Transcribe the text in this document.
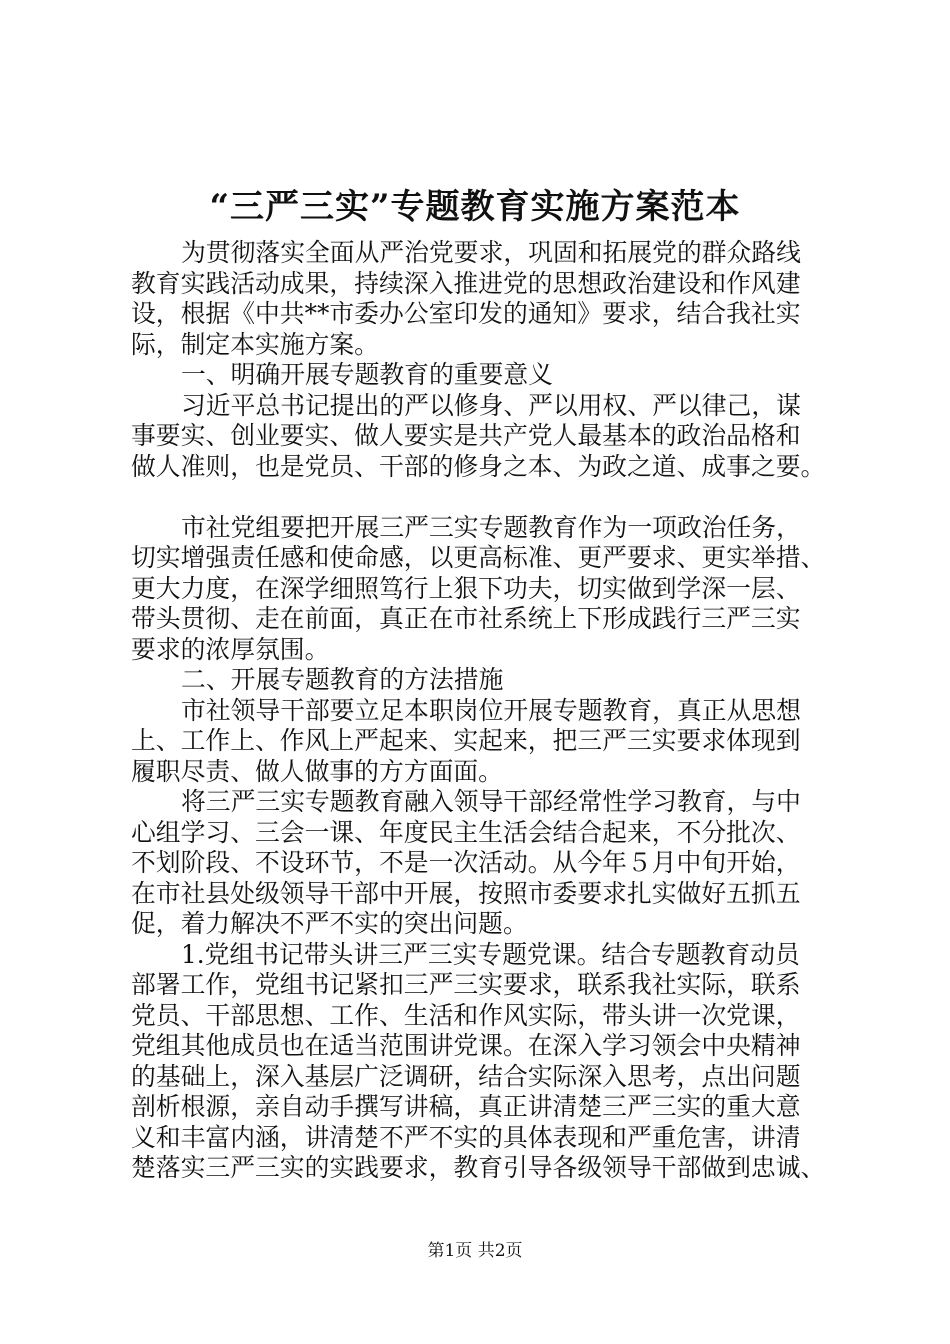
“三严三实”专题教育实施方案范本

为贯彻落实全面从严治党要求，巩固和拓展党的群众路线

教育实践活动成果，持续深入推进党的思想政治建设和作风建

设，根据《中共**市委办公室印发的通知》要求，结合我社实

际，制定本实施方案。

一、明确开展专题教育的重要意义

习近平总书记提出的严以修身、严以用权、严以律己，谋

事要实、创业要实、做人要实是共产党人最基本的政治品格和

做人准则，也是党员、干部的修身之本、为政之道、成事之要。

市社党组要把开展三严三实专题教育作为一项政治任务，

切实增强责任感和使命感，以更高标准、更严要求、更实举措、

更大力度，在深学细照笃行上狠下功夫，切实做到学深一层、

带头贯彻、走在前面，真正在市社系统上下形成践行三严三实

要求的浓厚氛围。

二、开展专题教育的方法措施

市社领导干部要立足本职岗位开展专题教育，真正从思想

上、工作上、作风上严起来、实起来，把三严三实要求体现到

履职尽责、做人做事的方方面面。

将三严三实专题教育融入领导干部经常性学习教育，与中

心组学习、三会一课、年度民主生活会结合起来，不分批次、

不划阶段、不设环节，不是一次活动。从今年５月中旬开始，

在市社县处级领导干部中开展，按照市委要求扎实做好五抓五

促，着力解决不严不实的突出问题。

1.党组书记带头讲三严三实专题党课。结合专题教育动员

部署工作，党组书记紧扣三严三实要求，联系我社实际，联系

党员、干部思想、工作、生活和作风实际，带头讲一次党课，

党组其他成员也在适当范围讲党课。在深入学习领会中央精神

的基础上，深入基层广泛调研，结合实际深入思考，点出问题

剖析根源，亲自动手撰写讲稿，真正讲清楚三严三实的重大意

义和丰富内涵，讲清楚不严不实的具体表现和严重危害，讲清

楚落实三严三实的实践要求，教育引导各级领导干部做到忠诚、

第1页 共2页
